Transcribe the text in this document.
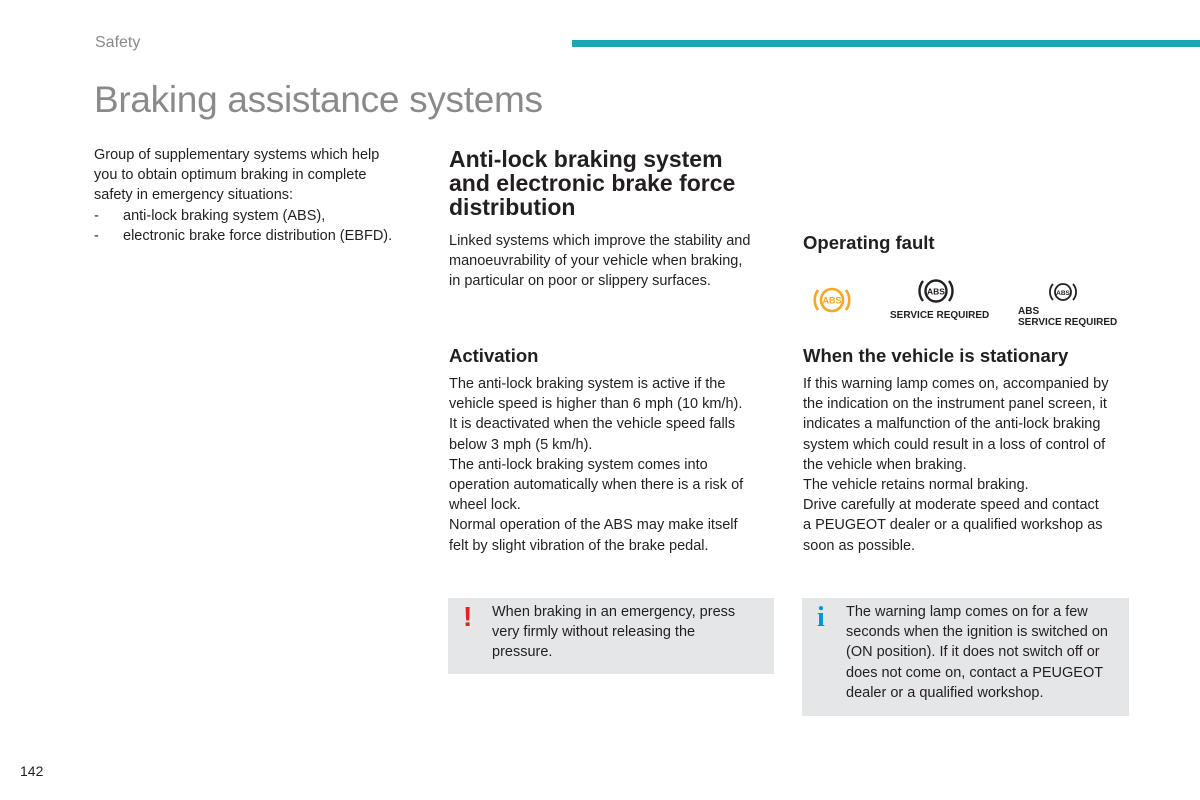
Safety
Braking assistance systems
Group of supplementary systems which help
you to obtain optimum braking in complete
safety in emergency situations:
- anti-lock braking system (ABS),
- electronic brake force distribution (EBFD).
Anti-lock braking system
and electronic brake force
distribution
Linked systems which improve the stability and
manoeuvrability of your vehicle when braking,
in particular on poor or slippery surfaces.
Operating fault
ABS
ABS
SERVICE REQUIRED
ABS
ABS
SERVICE REQUIRED
Activation
The anti-lock braking system is active if the
vehicle speed is higher than 6 mph (10 km/h).
It is deactivated when the vehicle speed falls
below 3 mph (5 km/h).
The anti-lock braking system comes into
operation automatically when there is a risk of
wheel lock.
Normal operation of the ABS may make itself
felt by slight vibration of the brake pedal.
When the vehicle is stationary
If this warning lamp comes on, accompanied by
the indication on the instrument panel screen, it
indicates a malfunction of the anti-lock braking
system which could result in a loss of control of
the vehicle when braking.
The vehicle retains normal braking.
Drive carefully at moderate speed and contact
a PEUGEOT dealer or a qualified workshop as
soon as possible.
! When braking in an emergency, press
very firmly without releasing the
pressure.
i The warning lamp comes on for a few
seconds when the ignition is switched on
(ON position). If it does not switch off or
does not come on, contact a PEUGEOT
dealer or a qualified workshop.
142
